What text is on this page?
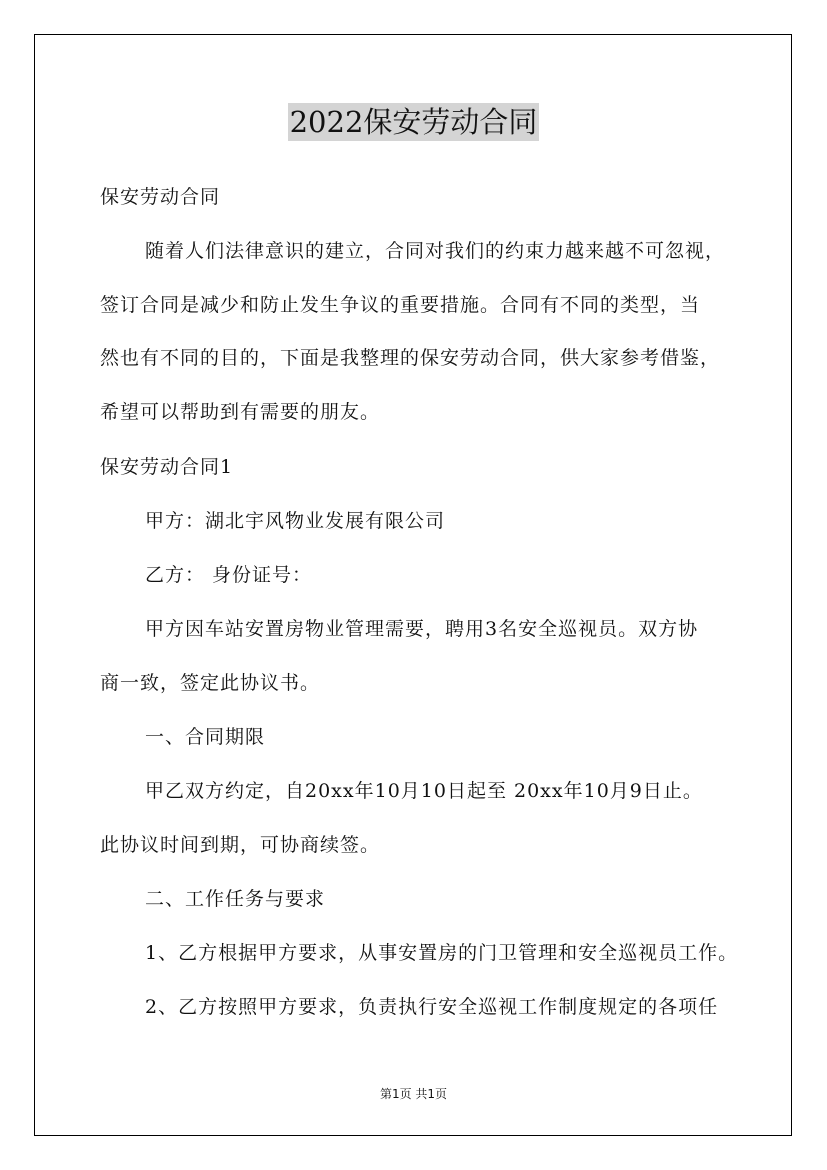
2022保安劳动合同
保安劳动合同
随着人们法律意识的建立，合同对我们的约束力越来越不可忽视，
签订合同是减少和防止发生争议的重要措施。合同有不同的类型，当
然也有不同的目的，下面是我整理的保安劳动合同，供大家参考借鉴，
希望可以帮助到有需要的朋友。
保安劳动合同1
甲方：湖北宇风物业发展有限公司
乙方： 身份证号：
甲方因车站安置房物业管理需要，聘用3名安全巡视员。双方协
商一致，签定此协议书。
一、合同期限
甲乙双方约定，自20xx年10月10日起至 20xx年10月9日止。
此协议时间到期，可协商续签。
二、工作任务与要求
1、乙方根据甲方要求，从事安置房的门卫管理和安全巡视员工作。
2、乙方按照甲方要求，负责执行安全巡视工作制度规定的各项任
第1页 共1页
